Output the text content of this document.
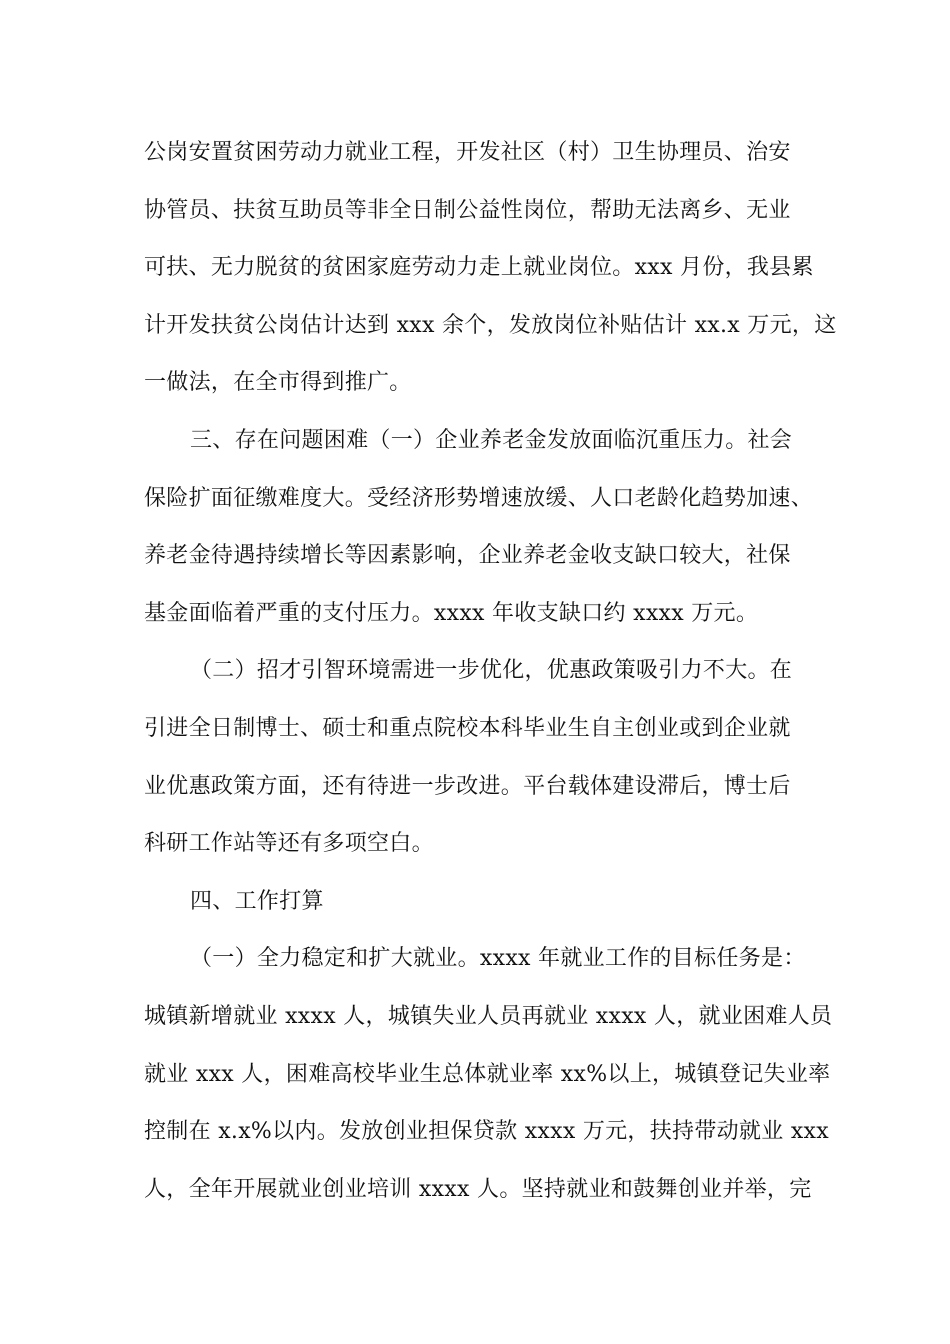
公岗安置贫困劳动力就业工程，开发社区（村）卫生协理员、治安
协管员、扶贫互助员等非全日制公益性岗位，帮助无法离乡、无业
可扶、无力脱贫的贫困家庭劳动力走上就业岗位。xxx 月份，我县累
计开发扶贫公岗估计达到 xxx 余个，发放岗位补贴估计 xx.x 万元，这
一做法，在全市得到推广。
三、存在问题困难（一）企业养老金发放面临沉重压力。社会
保险扩面征缴难度大。受经济形势增速放缓、人口老龄化趋势加速、
养老金待遇持续增长等因素影响，企业养老金收支缺口较大，社保
基金面临着严重的支付压力。xxxx 年收支缺口约 xxxx 万元。
（二）招才引智环境需进一步优化，优惠政策吸引力不大。在
引进全日制博士、硕士和重点院校本科毕业生自主创业或到企业就
业优惠政策方面，还有待进一步改进。平台载体建设滞后，博士后
科研工作站等还有多项空白。
四、工作打算
（一）全力稳定和扩大就业。xxxx 年就业工作的目标任务是：
城镇新增就业 xxxx 人，城镇失业人员再就业 xxxx 人，就业困难人员
就业 xxx 人，困难高校毕业生总体就业率 xx%以上，城镇登记失业率
控制在 x.x%以内。发放创业担保贷款 xxxx 万元，扶持带动就业 xxx
人，全年开展就业创业培训 xxxx 人。坚持就业和鼓舞创业并举，完
